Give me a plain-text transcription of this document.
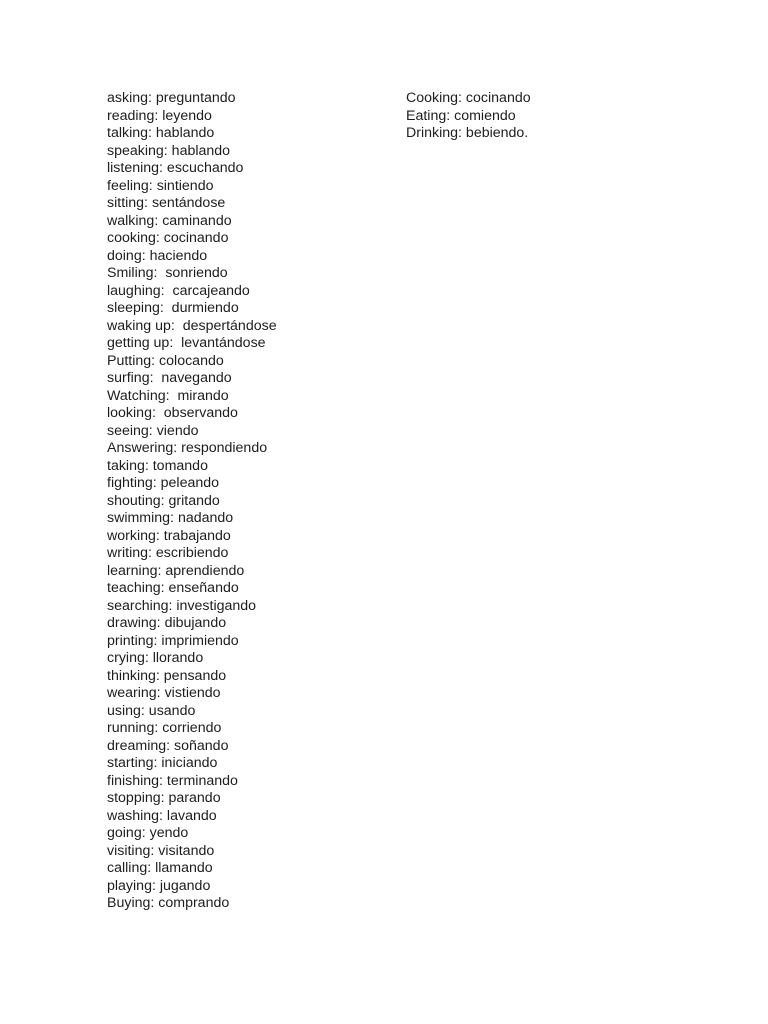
asking: preguntando
reading: leyendo
talking: hablando
speaking: hablando
listening: escuchando
feeling: sintiendo
sitting: sentándose
walking: caminando
cooking: cocinando
doing: haciendo
Smiling:  sonriendo
laughing:  carcajeando
sleeping:  durmiendo
waking up:  despertándose
getting up:  levantándose
Putting: colocando
surfing:  navegando
Watching:  mirando
looking:  observando
seeing: viendo
Answering: respondiendo
taking: tomando
fighting: peleando
shouting: gritando
swimming: nadando
working: trabajando
writing: escribiendo
learning: aprendiendo
teaching: enseñando
searching: investigando
drawing: dibujando
printing: imprimiendo
crying: llorando
thinking: pensando
wearing: vistiendo
using: usando
running: corriendo
dreaming: soñando
starting: iniciando
finishing: terminando
stopping: parando
washing: lavando
going: yendo
visiting: visitando
calling: llamando
playing: jugando
Buying: comprando
Cooking: cocinando
Eating: comiendo
Drinking: bebiendo.
